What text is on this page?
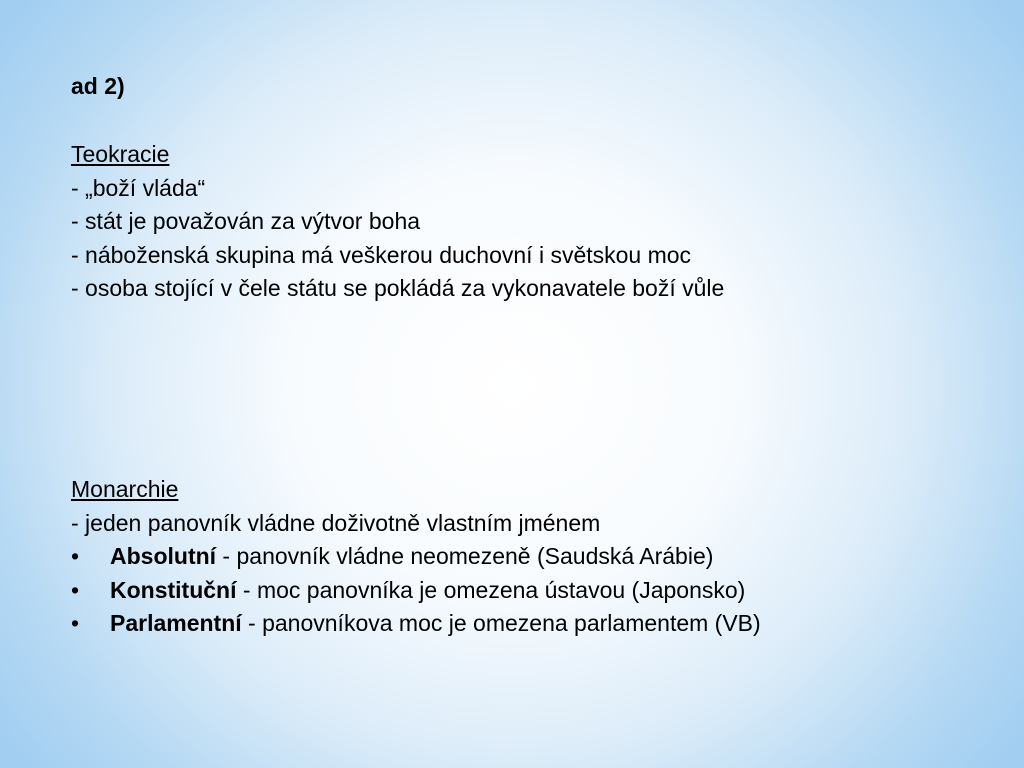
ad 2)
Teokracie
- „boží vláda“
- stát je považován za výtvor boha
- náboženská skupina má veškerou duchovní i světskou moc
- osoba stojící v čele státu se pokládá za vykonavatele boží vůle
Monarchie
- jeden panovník vládne doživotně vlastním jménem
•	Absolutní - panovník vládne neomezeně (Saudská Arábie)
•	Konstituční - moc panovníka je omezena ústavou (Japonsko)
•	Parlamentní - panovníkova moc je omezena parlamentem (VB)
